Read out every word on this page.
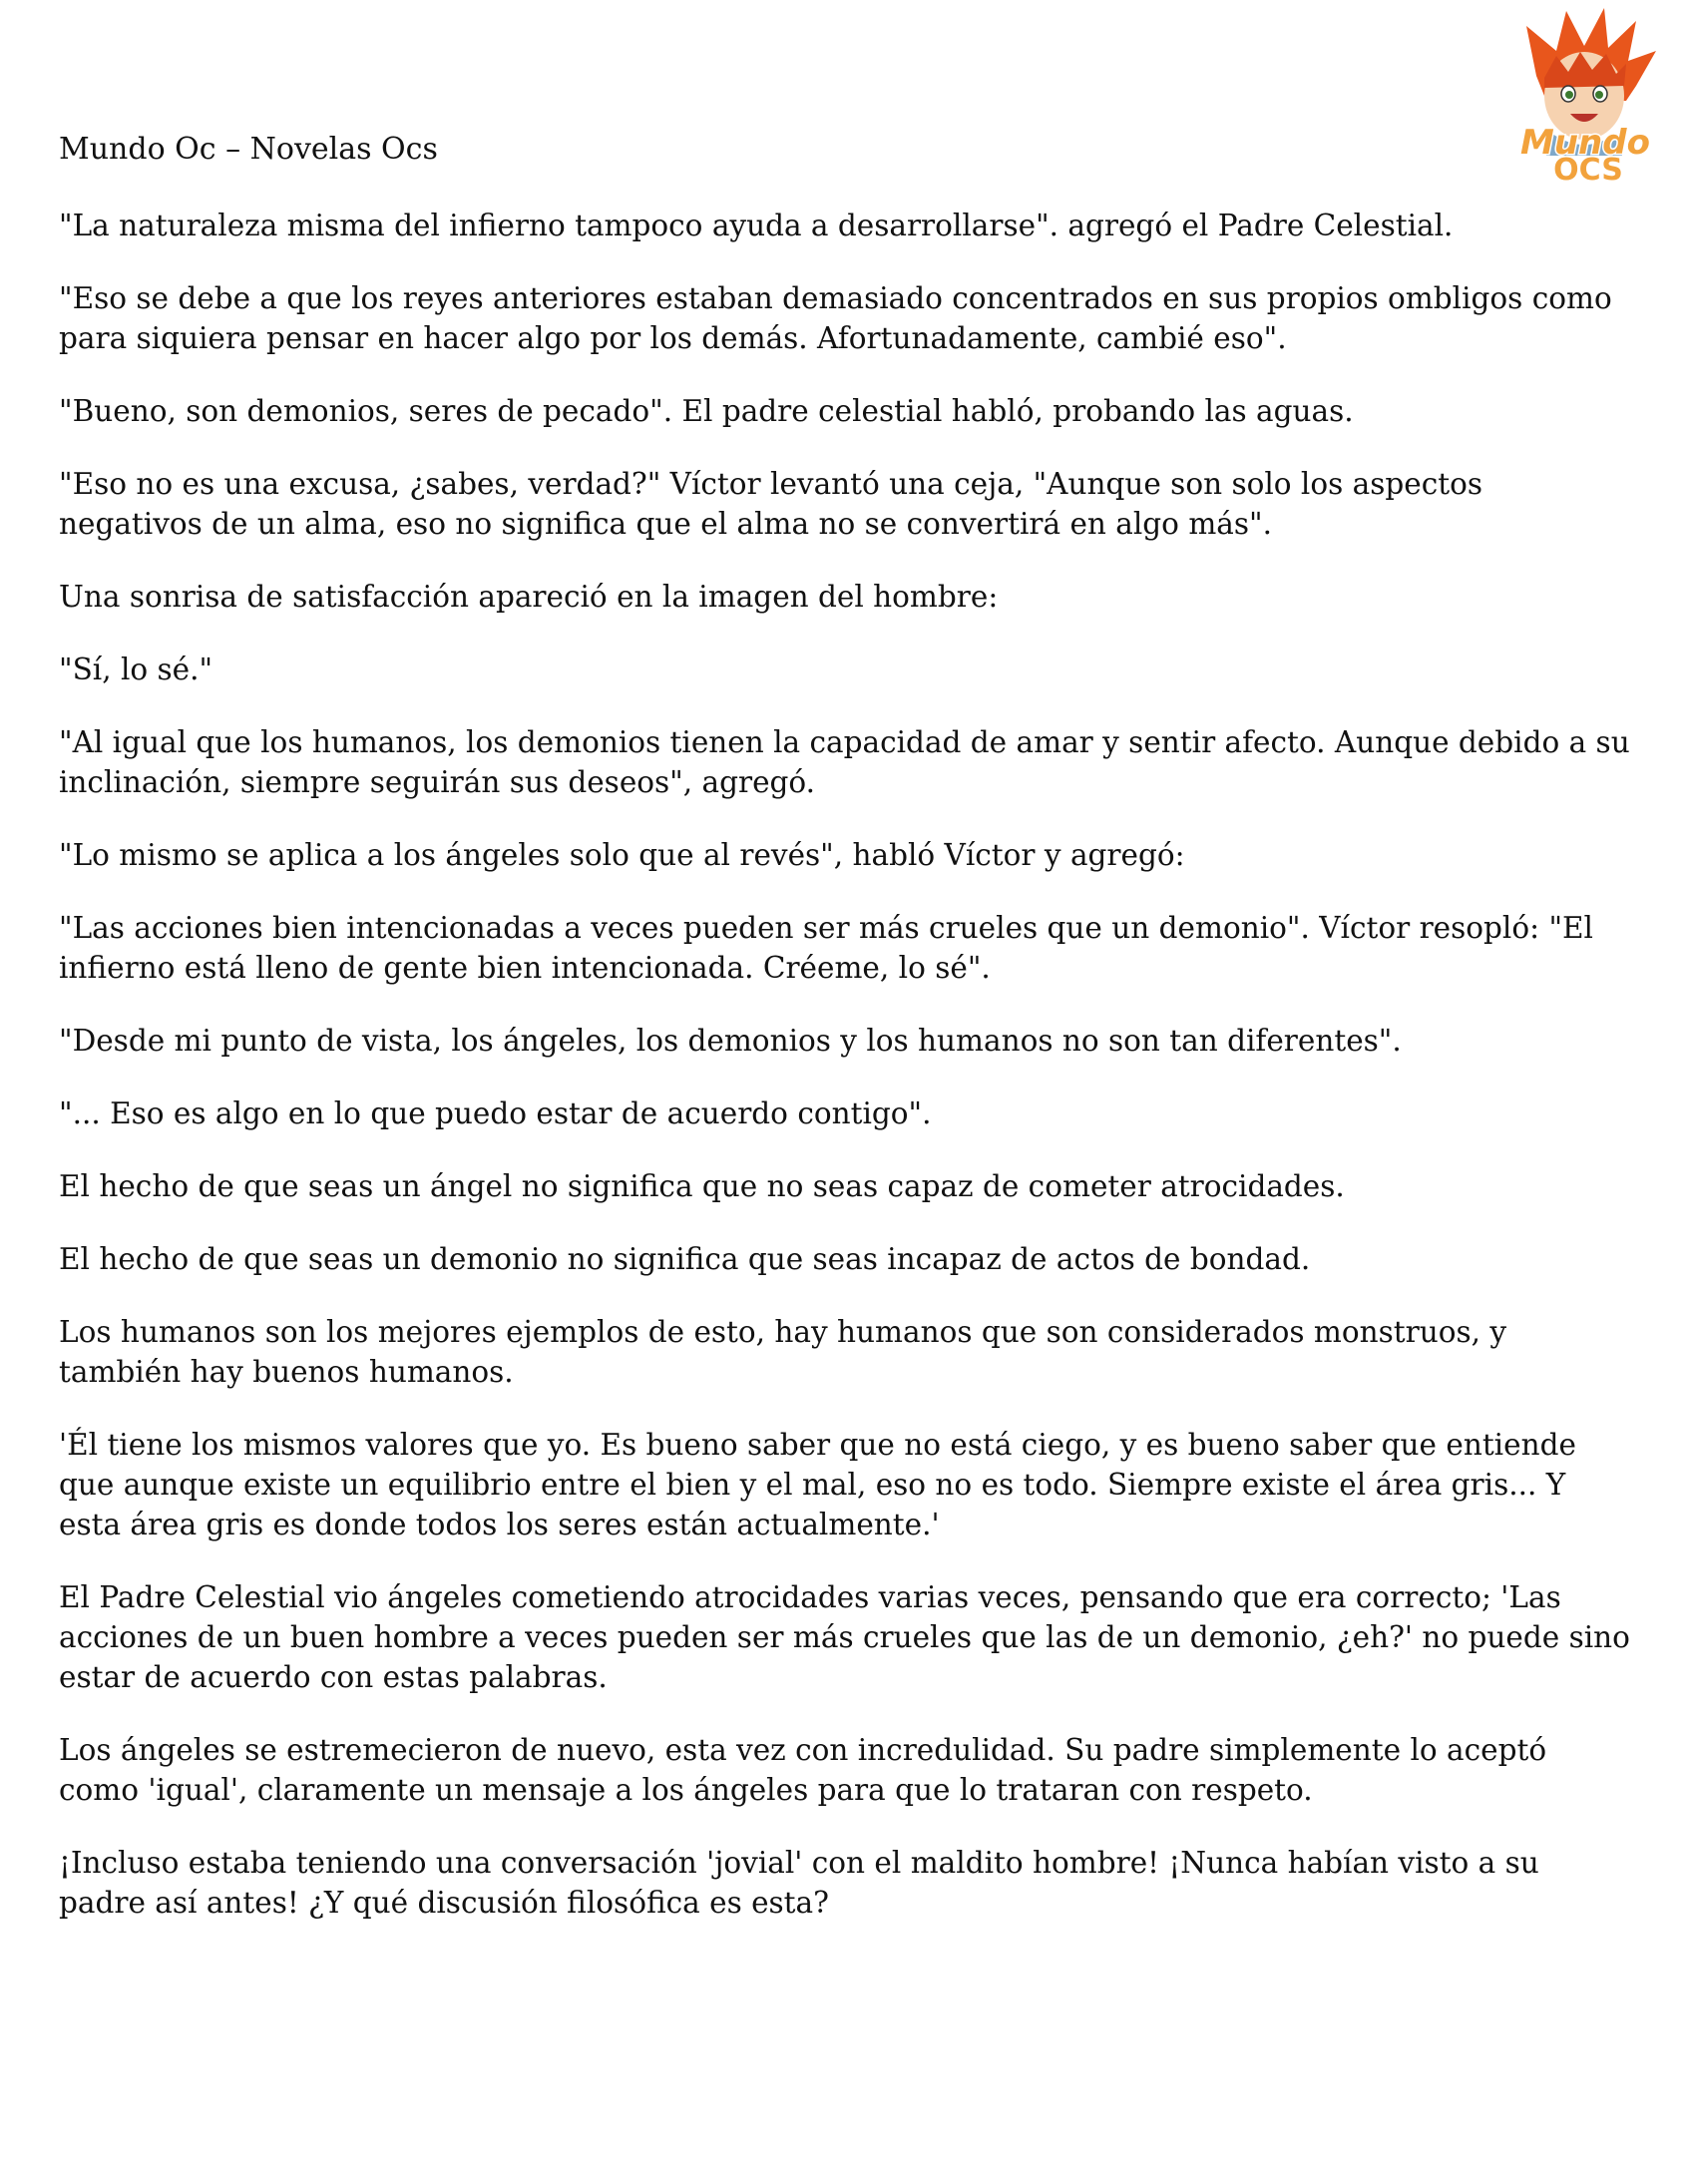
Mundo Oc – Novelas Ocs	Mundo
OCS

"La naturaleza misma del infierno tampoco ayuda a desarrollarse". agregó el Padre Celestial.

"Eso se debe a que los reyes anteriores estaban demasiado concentrados en sus propios ombligos como para siquiera pensar en hacer algo por los demás. Afortunadamente, cambié eso".

"Bueno, son demonios, seres de pecado". El padre celestial habló, probando las aguas.

"Eso no es una excusa, ¿sabes, verdad?" Víctor levantó una ceja, "Aunque son solo los aspectos negativos de un alma, eso no significa que el alma no se convertirá en algo más".

Una sonrisa de satisfacción apareció en la imagen del hombre:

"Sí, lo sé."

"Al igual que los humanos, los demonios tienen la capacidad de amar y sentir afecto. Aunque debido a su inclinación, siempre seguirán sus deseos", agregó.

"Lo mismo se aplica a los ángeles solo que al revés", habló Víctor y agregó:

"Las acciones bien intencionadas a veces pueden ser más crueles que un demonio". Víctor resopló: "El infierno está lleno de gente bien intencionada. Créeme, lo sé".

"Desde mi punto de vista, los ángeles, los demonios y los humanos no son tan diferentes".

"... Eso es algo en lo que puedo estar de acuerdo contigo".

El hecho de que seas un ángel no significa que no seas capaz de cometer atrocidades.

El hecho de que seas un demonio no significa que seas incapaz de actos de bondad.

Los humanos son los mejores ejemplos de esto, hay humanos que son considerados monstruos, y también hay buenos humanos.

'Él tiene los mismos valores que yo. Es bueno saber que no está ciego, y es bueno saber que entiende que aunque existe un equilibrio entre el bien y el mal, eso no es todo. Siempre existe el área gris... Y esta área gris es donde todos los seres están actualmente.'

El Padre Celestial vio ángeles cometiendo atrocidades varias veces, pensando que era correcto; 'Las acciones de un buen hombre a veces pueden ser más crueles que las de un demonio, ¿eh?' no puede sino estar de acuerdo con estas palabras.

Los ángeles se estremecieron de nuevo, esta vez con incredulidad. Su padre simplemente lo aceptó como 'igual', claramente un mensaje a los ángeles para que lo trataran con respeto.

¡Incluso estaba teniendo una conversación 'jovial' con el maldito hombre! ¡Nunca habían visto a su padre así antes! ¿Y qué discusión filosófica es esta?
